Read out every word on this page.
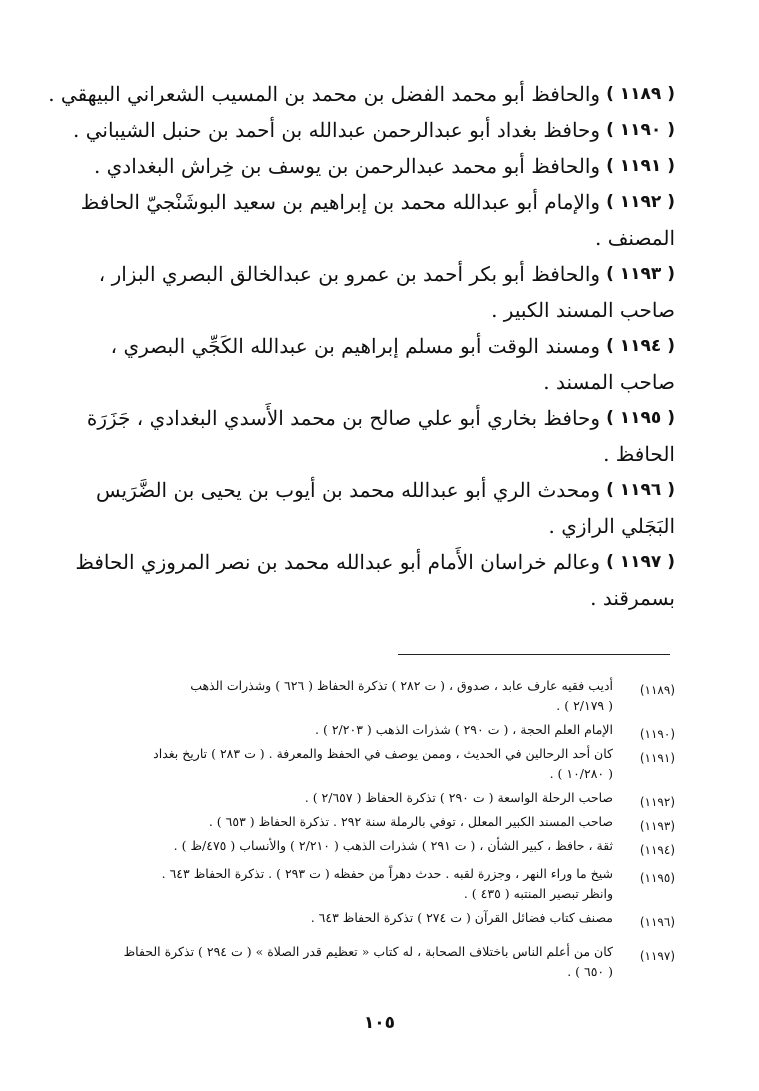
( ١١٨٩ )
والحافظ أبو محمد الفضل بن محمد بن المسيب الشعراني البيهقي .
( ١١٩٠ )
وحافظ بغداد أبو عبدالرحمن عبدالله بن أحمد بن حنبل الشيباني .
( ١١٩١ )
والحافظ أبو محمد عبدالرحمن بن يوسف بن خِراش البغدادي .
( ١١٩٢ )
والإمام أبو عبدالله محمد بن إبراهيم بن سعيد البوشَنْجيّ الحافظ
المصنف .
( ١١٩٣ )
والحافظ أبو بكر أحمد بن عمرو بن عبدالخالق البصري البزار ،
صاحب المسند الكبير .
( ١١٩٤ )
ومسند الوقت أبو مسلم إبراهيم بن عبدالله الكَجِّي البصري ،
صاحب المسند .
( ١١٩٥ )
وحافظ بخاري أبو علي صالح بن محمد الأَسدي البغدادي ، جَزَرَة
الحافظ .
( ١١٩٦ )
ومحدث الري أبو عبدالله محمد بن أيوب بن يحيى بن الضَّرَيس
البَجَلي الرازي .
( ١١٩٧ )
وعالم خراسان الأَمام أبو عبدالله محمد بن نصر المروزي الحافظ
بسمرقند .
(١١٨٩)
أديب فقيه عارف عابد ، صدوق ، ( ت ٢٨٢ ) تذكرة الحفاظ ( ٦٢٦ ) وشذرات الذهب
( ٢/١٧٩ ) .
(١١٩٠)
الإمام العلم الحجة ، ( ت ٢٩٠ ) شذرات الذهب ( ٢/٢٠٣ ) .
(١١٩١)
كان أحد الرحالين في الحديث ، وممن يوصف في الحفظ والمعرفة . ( ت ٢٨٣ ) تاريخ بغداد
( ١٠/٢٨٠ ) .
(١١٩٢)
صاحب الرحلة الواسعة ( ت ٢٩٠ ) تذكرة الحفاظ ( ٢/٦٥٧ ) .
(١١٩٣)
صاحب المسند الكبير المعلل ، توفي بالرملة سنة ٢٩٢ . تذكرة الحفاظ ( ٦٥٣ ) .
(١١٩٤)
ثقة ، حافظ ، كبير الشأن ، ( ت ٢٩١ ) شذرات الذهب ( ٢/٢١٠ ) والأنساب ( ٤٧٥/ظ ) .
(١١٩٥)
شيخ ما وراء النهر ، وجزرة لقبه . حدث دهراً من حفظه ( ت ٢٩٣ ) . تذكرة الحفاظ ٦٤٣ .
وانظر تبصير المنتبه ( ٤٣٥ ) .
(١١٩٦)
مصنف كتاب فضائل القرآن ( ت ٢٧٤ ) تذكرة الحفاظ ٦٤٣ .
(١١٩٧)
كان من أعلم الناس باختلاف الصحابة ، له كتاب « تعظيم قدر الصلاة » ( ت ٢٩٤ ) تذكرة الحفاظ
( ٦٥٠ ) .
١٠٥
